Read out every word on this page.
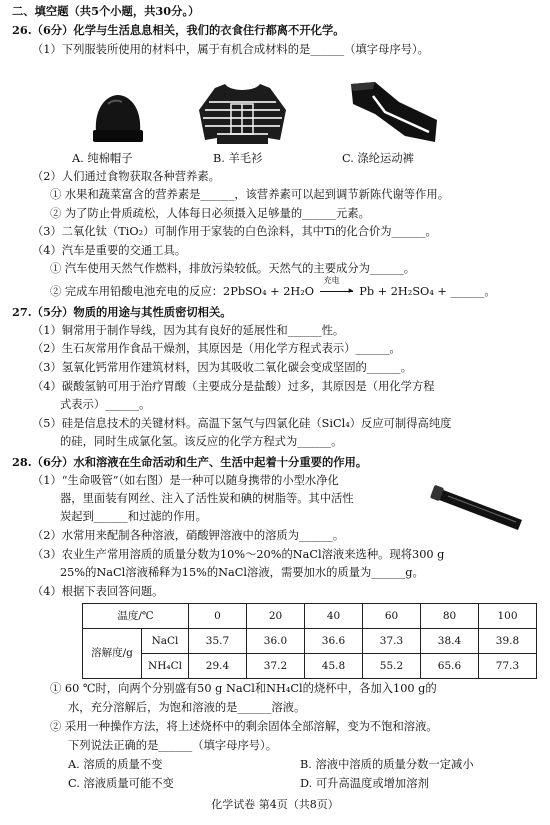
二、填空题（共5个小题，共30分。）
26.（6分）化学与生活息息相关，我们的衣食住行都离不开化学。
（1）下列服装所使用的材料中，属于有机合成材料的是______（填字母序号）。
A. 纯棉帽子	B. 羊毛衫	C. 涤纶运动裤
（2）人们通过食物获取各种营养素。
① 水果和蔬菜富含的营养素是______，该营养素可以起到调节新陈代谢等作用。
② 为了防止骨质疏松，人体每日必须摄入足够量的______元素。
（3）二氧化钛（TiO₂）可制作用于家装的白色涂料，其中Ti的化合价为______。
（4）汽车是重要的交通工具。
① 汽车使用天然气作燃料，排放污染较低。天然气的主要成分为______。
② 完成车用铅酸电池充电的反应：2PbSO₄ + 2H₂O
充电
▸ Pb + 2H₂SO₄ + ______。
27.（5分）物质的用途与其性质密切相关。
（1）铜常用于制作导线，因为其有良好的延展性和______性。
（2）生石灰常用作食品干燥剂，其原因是（用化学方程式表示）______。
（3）氢氧化钙常用作建筑材料，因为其吸收二氧化碳会变成坚固的______。
（4）碳酸氢钠可用于治疗胃酸（主要成分是盐酸）过多，其原因是（用化学方程
式表示）______。
（5）硅是信息技术的关键材料。高温下氢气与四氯化硅（SiCl₄）反应可制得高纯度
的硅，同时生成氯化氢。该反应的化学方程式为______。
28.（6分）水和溶液在生命活动和生产、生活中起着十分重要的作用。
（1）“生命吸管”（如右图）是一种可以随身携带的小型水净化
器，里面装有网丝、注入了活性炭和碘的树脂等。其中活性
炭起到______和过滤的作用。
（2）水常用来配制各种溶液，硝酸钾溶液中的溶质为______。
（3）农业生产常用溶质的质量分数为10%～20%的NaCl溶液来选种。现将300 g
25%的NaCl溶液稀释为15%的NaCl溶液，需要加水的质量为______g。
（4）根据下表回答问题。
温度/℃		0	20	40	60	80	100
溶解度/g	NaCl	35.7	36.0	36.6	37.3	38.4	39.8
	NH₄Cl	29.4	37.2	45.8	55.2	65.6	77.3
① 60 ℃时，向两个分别盛有50 g NaCl和NH₄Cl的烧杯中，各加入100 g的
水，充分溶解后，为饱和溶液的是______溶液。
② 采用一种操作方法，将上述烧杯中的剩余固体全部溶解，变为不饱和溶液。
下列说法正确的是______（填字母序号）。
A. 溶质的质量不变	B. 溶液中溶质的质量分数一定减小
C. 溶液质量可能不变	D. 可升高温度或增加溶剂
化学试卷 第4页（共8页）
